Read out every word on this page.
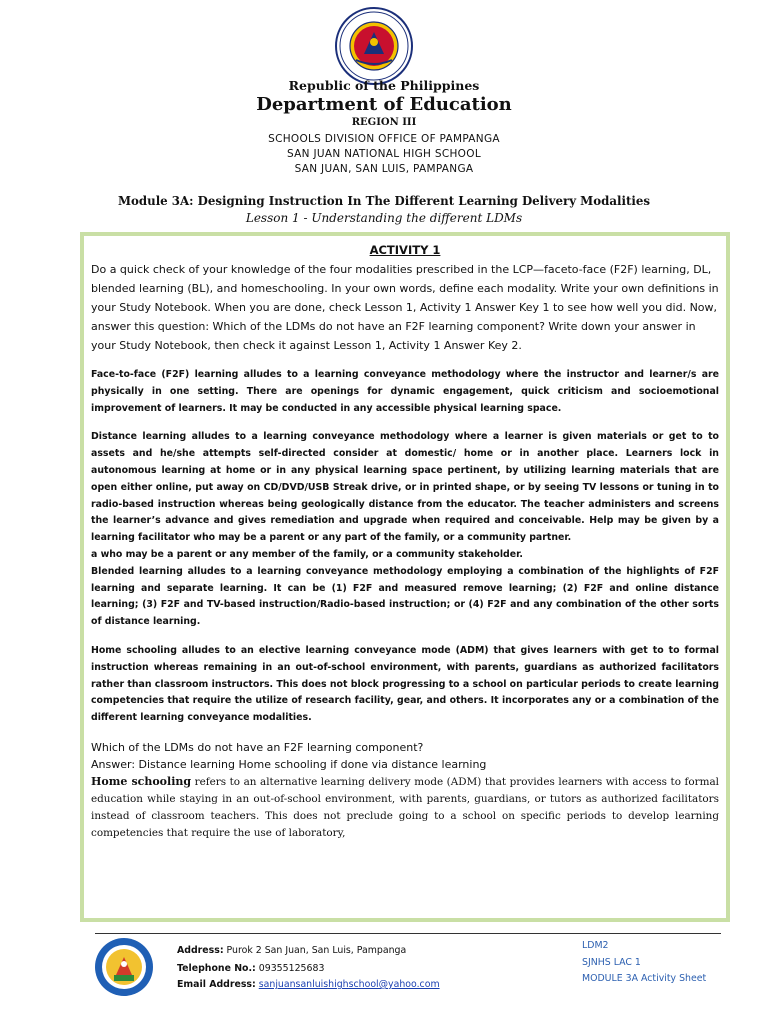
Republic of the Philippines
Department of Education
REGION III
SCHOOLS DIVISION OFFICE OF PAMPANGA
SAN JUAN NATIONAL HIGH SCHOOL
SAN JUAN, SAN LUIS, PAMPANGA
Module 3A: Designing Instruction In The Different Learning Delivery Modalities
Lesson 1 - Understanding the different LDMs
ACTIVITY 1

Do a quick check of your knowledge of the four modalities prescribed in the LCP—faceto-face (F2F) learning, DL, blended learning (BL), and homeschooling. In your own words, define each modality. Write your own definitions in your Study Notebook. When you are done, check Lesson 1, Activity 1 Answer Key 1 to see how well you did. Now, answer this question: Which of the LDMs do not have an F2F learning component? Write down your answer in your Study Notebook, then check it against Lesson 1, Activity 1 Answer Key 2.

Face-to-face (F2F) learning alludes to a learning conveyance methodology where the instructor and learner/s are physically in one setting. There are openings for dynamic engagement, quick criticism and socioemotional improvement of learners. It may be conducted in any accessible physical learning space.

Distance learning alludes to a learning conveyance methodology where a learner is given materials or get to to assets and he/she attempts self-directed consider at domestic/ home or in another place. Learners lock in autonomous learning at home or in any physical learning space pertinent, by utilizing learning materials that are open either online, put away on CD/DVD/USB Streak drive, or in printed shape, or by seeing TV lessons or tuning in to radio-based instruction whereas being geologically distance from the educator. The teacher administers and screens the learner’s advance and gives remediation and upgrade when required and conceivable. Help may be given by a learning facilitator who may be a parent or any part of the family, or a community partner.

a who may be a parent or any member of the family, or a community stakeholder.

Blended learning alludes to a learning conveyance methodology employing a combination of the highlights of F2F learning and separate learning. It can be (1) F2F and measured remove learning; (2) F2F and online distance learning; (3) F2F and TV-based instruction/Radio-based instruction; or (4) F2F and any combination of the other sorts of distance learning.

Home schooling alludes to an elective learning conveyance mode (ADM) that gives learners with get to to formal instruction whereas remaining in an out-of-school environment, with parents, guardians as authorized facilitators rather than classroom instructors. This does not block progressing to a school on particular periods to create learning competencies that require the utilize of research facility, gear, and others. It incorporates any or a combination of the different learning conveyance modalities.

Which of the LDMs do not have an F2F learning component?

Answer: Distance learning Home schooling if done via distance learning

Home schooling refers to an alternative learning delivery mode (ADM) that provides learners with access to formal education while staying in an out-of-school environment, with parents, guardians, or tutors as authorized facilitators instead of classroom teachers. This does not preclude going to a school on specific periods to develop learning competencies that require the use of laboratory,

Address: Purok 2 San Juan, San Luis, Pampanga
Telephone No.: 09355125683
Email Address: sanjuansanluishighschool@yahoo.com
LDM2
SJNHS LAC 1
MODULE 3A Activity Sheet
